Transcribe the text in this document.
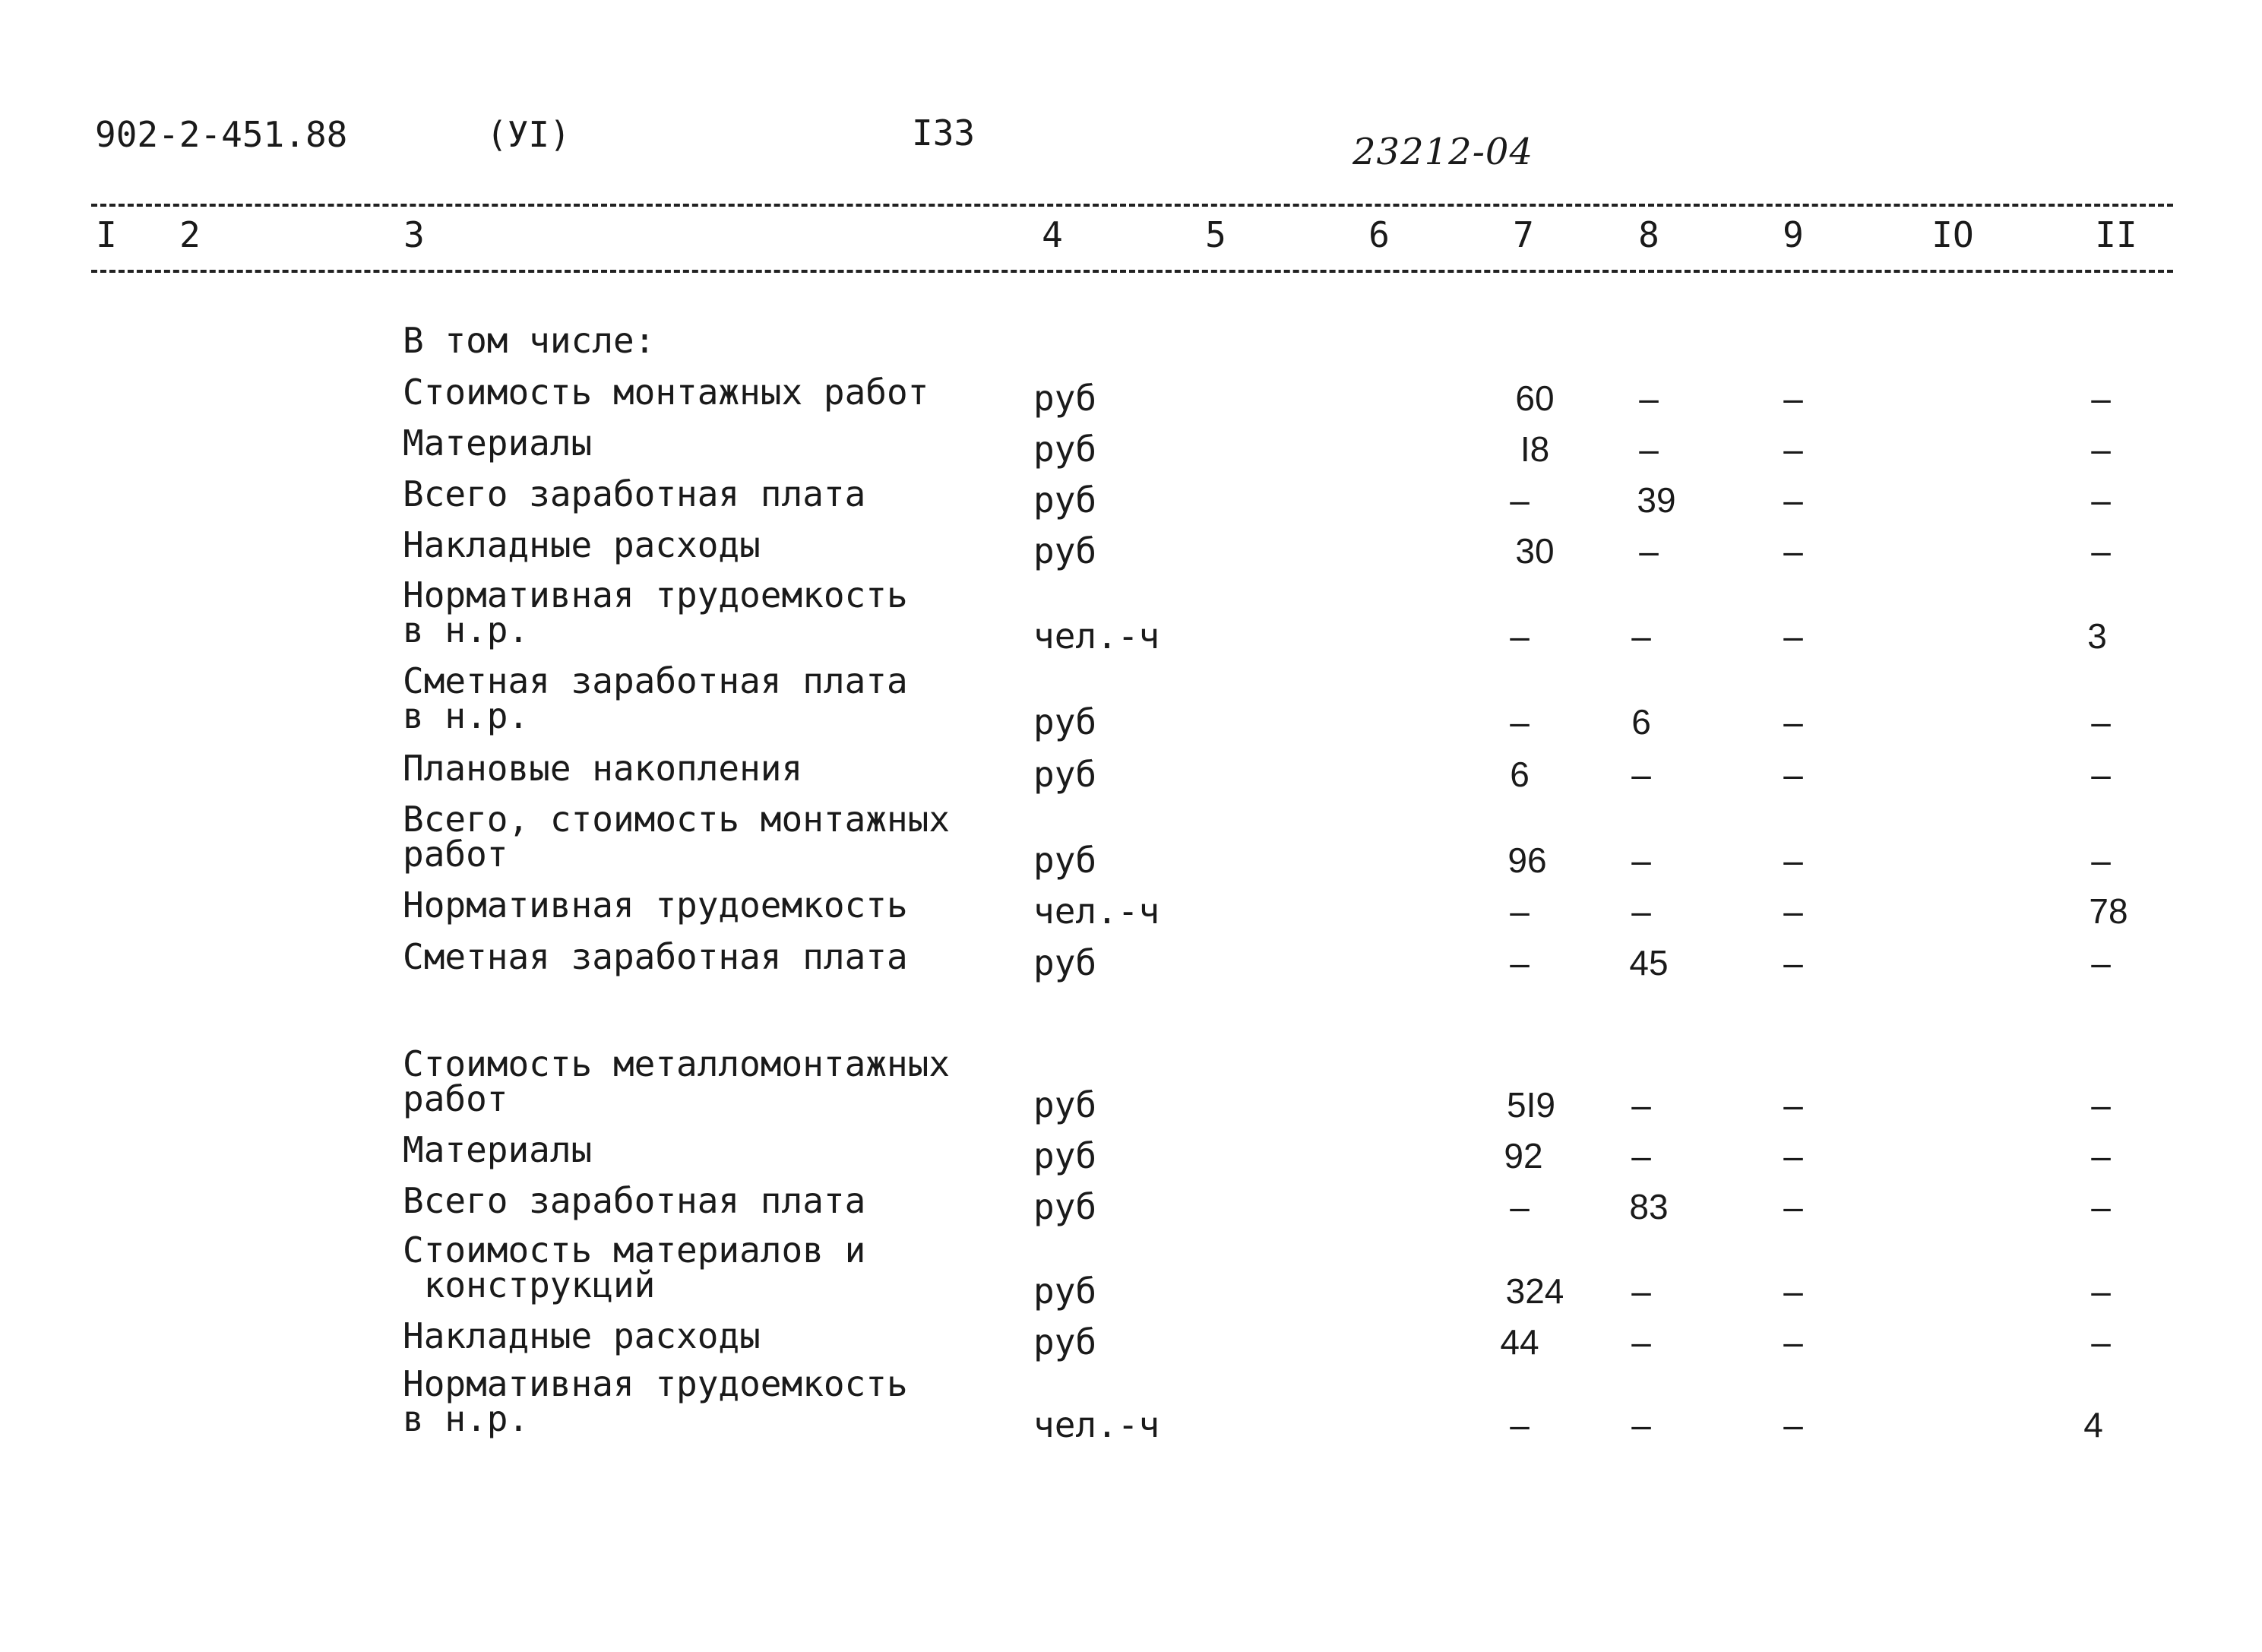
902-2-451.88	(УI)	I33	23212-04
I	2	3	4	5	6	7	8	9	IO	II
В том числе:
Стоимость монтажных работ	руб	60	–	–	–
Материалы	руб	I8	–	–	–
Всего заработная плата	руб	–	39	–	–
Накладные расходы	руб	30	–	–	–
Нормативная трудоемкость
в н.р.	чел.-ч	–	–	–	3
Сметная заработная плата
в н.р.	руб	–	6	–	–
Плановые накопления	руб	6	–	–	–
Всего, стоимость монтажных
работ	руб	96	–	–	–
Нормативная трудоемкость	чел.-ч	–	–	–	78
Сметная заработная плата	руб	–	45	–	–
Стоимость металломонтажных
работ	руб	5I9	–	–	–
Материалы	руб	92	–	–	–
Всего заработная плата	руб	–	83	–	–
Стоимость материалов и
конструкций	руб	324	–	–	–
Накладные расходы	руб	44	–	–	–
Нормативная трудоемкость
в н.р.	чел.-ч	–	–	–	4
